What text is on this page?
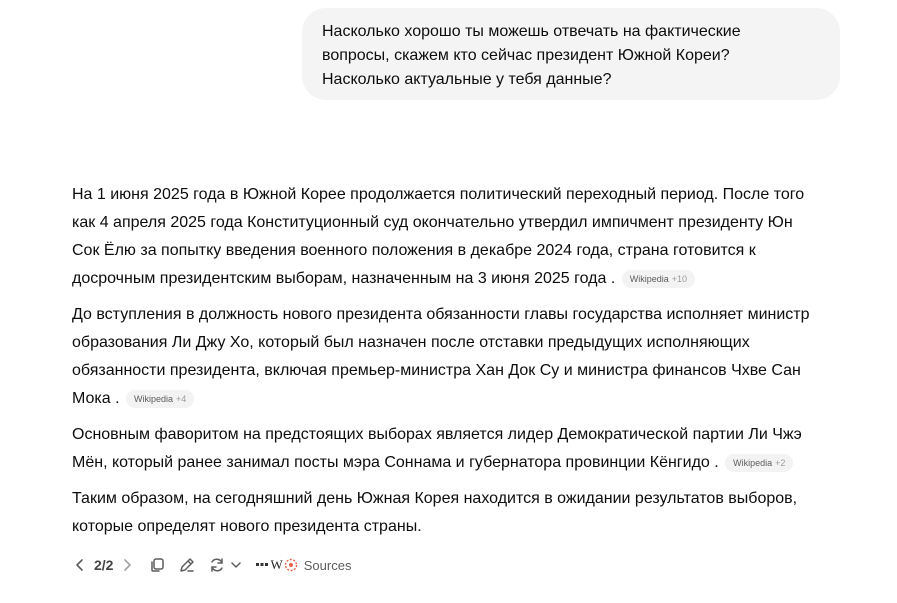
Насколько хорошо ты можешь отвечать на фактические
вопросы, скажем кто сейчас президент Южной Кореи?
Насколько актуальные у тебя данные?

На 1 июня 2025 года в Южной Корее продолжается политический переходный период. После того
как 4 апреля 2025 года Конституционный суд окончательно утвердил импичмент президенту Юн
Сок Ёлю за попытку введения военного положения в декабре 2024 года, страна готовится к
досрочным президентским выборам, назначенным на 3 июня 2025 года . Wikipedia +10

До вступления в должность нового президента обязанности главы государства исполняет министр
образования Ли Джу Хо, который был назначен после отставки предыдущих исполняющих
обязанности президента, включая премьер-министра Хан Док Су и министра финансов Чхве Сан
Мока . Wikipedia +4

Основным фаворитом на предстоящих выборах является лидер Демократической партии Ли Чжэ
Мён, который ранее занимал посты мэра Соннама и губернатора провинции Кёнгидо . Wikipedia +2

Таким образом, на сегодняшний день Южная Корея находится в ожидании результатов выборов,
которые определят нового президента страны.

2/2	W Sources
